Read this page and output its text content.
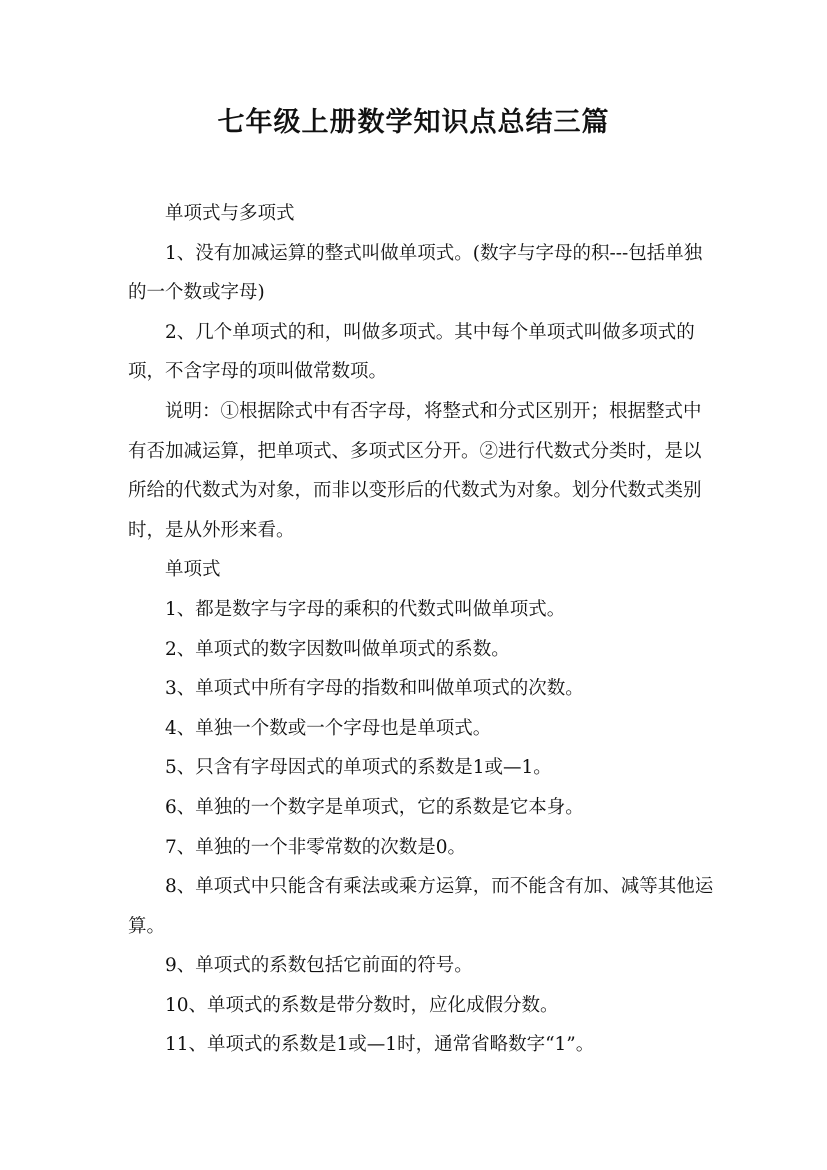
七年级上册数学知识点总结三篇

单项式与多项式

1、没有加减运算的整式叫做单项式。(数字与字母的积---包括单独的一个数或字母)

2、几个单项式的和，叫做多项式。其中每个单项式叫做多项式的项，不含字母的项叫做常数项。

说明：①根据除式中有否字母，将整式和分式区别开；根据整式中有否加减运算，把单项式、多项式区分开。②进行代数式分类时，是以所给的代数式为对象，而非以变形后的代数式为对象。划分代数式类别时，是从外形来看。

单项式

1、都是数字与字母的乘积的代数式叫做单项式。

2、单项式的数字因数叫做单项式的系数。

3、单项式中所有字母的指数和叫做单项式的次数。

4、单独一个数或一个字母也是单项式。

5、只含有字母因式的单项式的系数是1或—1。

6、单独的一个数字是单项式，它的系数是它本身。

7、单独的一个非零常数的次数是0。

8、单项式中只能含有乘法或乘方运算，而不能含有加、减等其他运算。

9、单项式的系数包括它前面的符号。

10、单项式的系数是带分数时，应化成假分数。

11、单项式的系数是1或—1时，通常省略数字“1”。
